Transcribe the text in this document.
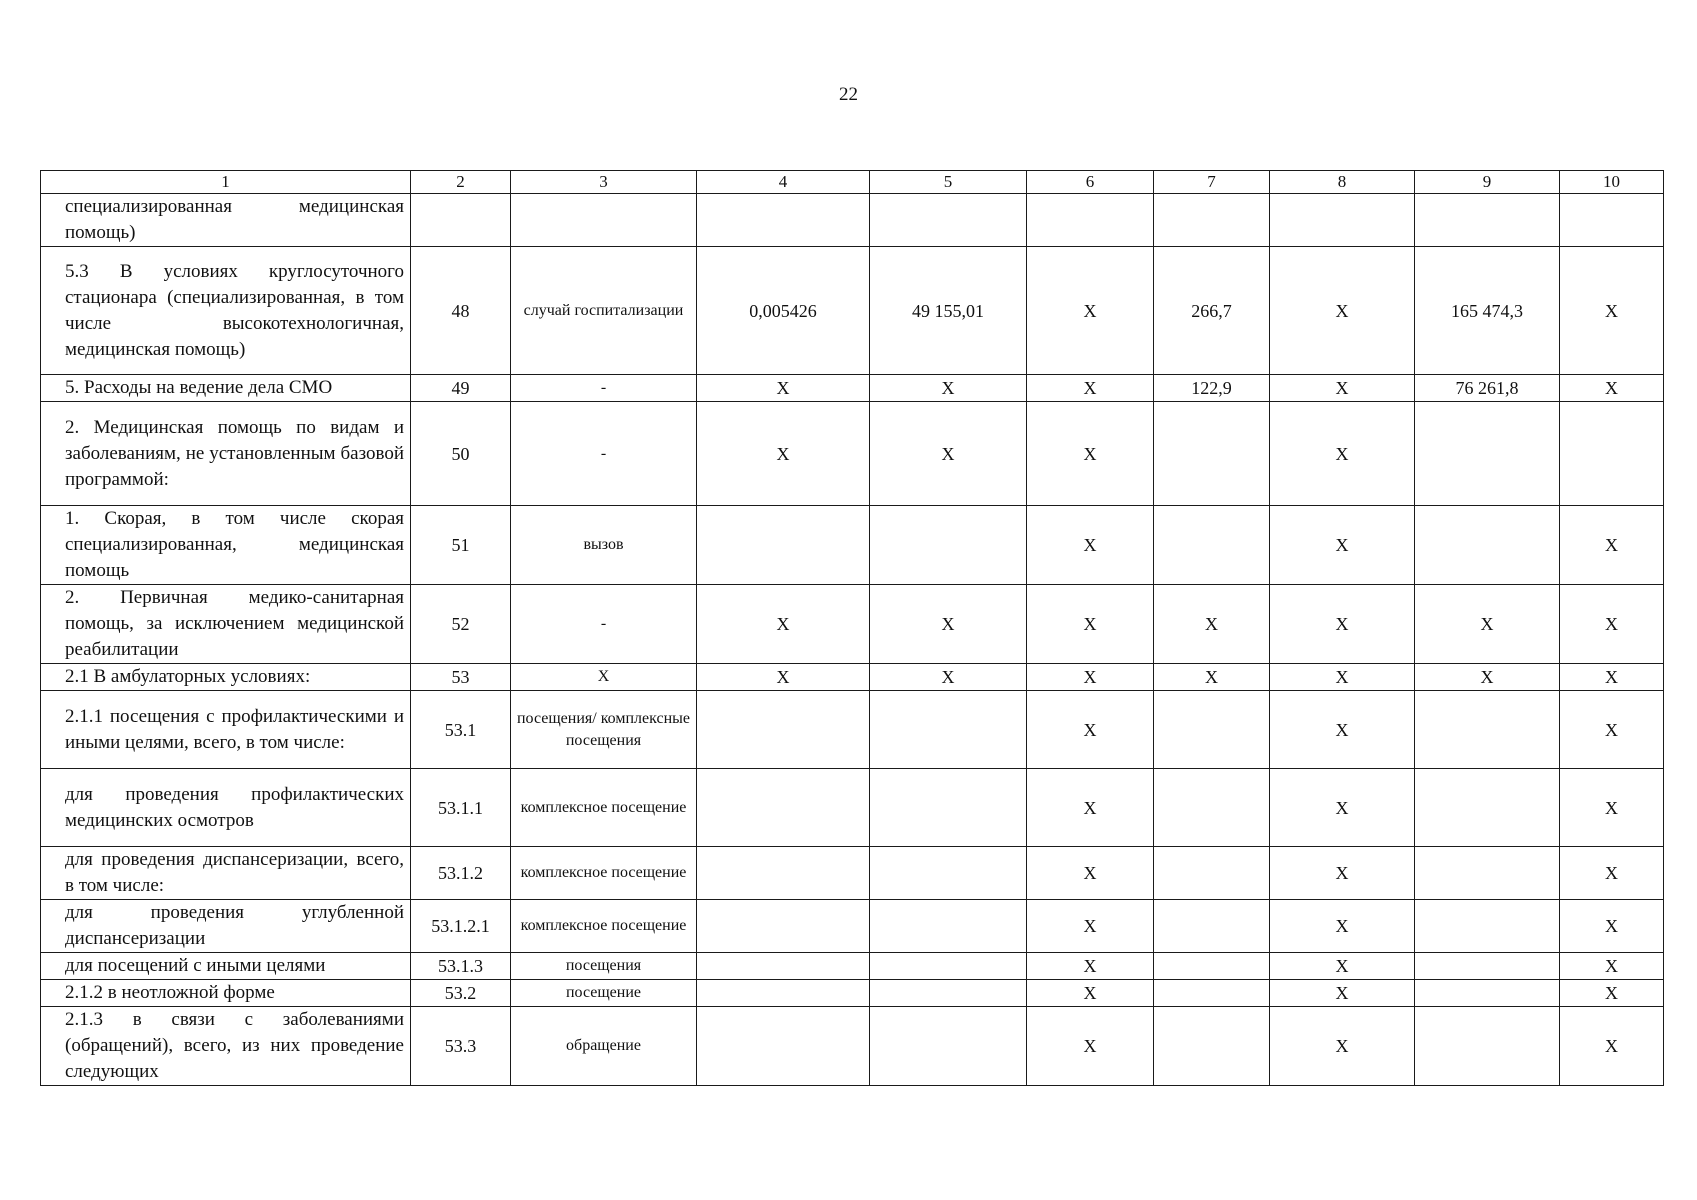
22
1	2	3	4	5	6	7	8	9	10
специализированная медицинская помощь)									
5.3 В условиях круглосуточного стационара (специализированная, в том числе высокотехнологичная, медицинская помощь)	48	случай госпитализации	0,005426	49 155,01	X	266,7	X	165 474,3	X
5. Расходы на ведение дела СМО	49	-	X	X	X	122,9	X	76 261,8	X
2. Медицинская помощь по видам и заболеваниям, не установленным базовой программой:	50	-	X	X	X		X		
1. Скорая, в том числе скорая специализированная, медицинская помощь	51	вызов			X		X		X
2. Первичная медико-санитарная помощь, за исключением медицинской реабилитации	52	-	X	X	X	X	X	X	X
2.1 В амбулаторных условиях:	53	X	X	X	X	X	X	X	X
2.1.1 посещения с профилактическими и иными целями, всего, в том числе:	53.1	посещения/ комплексные посещения			X		X		X
для проведения профилактических медицинских осмотров	53.1.1	комплексное посещение			X		X		X
для проведения диспансеризации, всего, в том числе:	53.1.2	комплексное посещение			X		X		X
для проведения углубленной диспансеризации	53.1.2.1	комплексное посещение			X		X		X
для посещений с иными целями	53.1.3	посещения			X		X		X
2.1.2 в неотложной форме	53.2	посещение			X		X		X
2.1.3 в связи с заболеваниями (обращений), всего, из них проведение следующих	53.3	обращение			X		X		X
